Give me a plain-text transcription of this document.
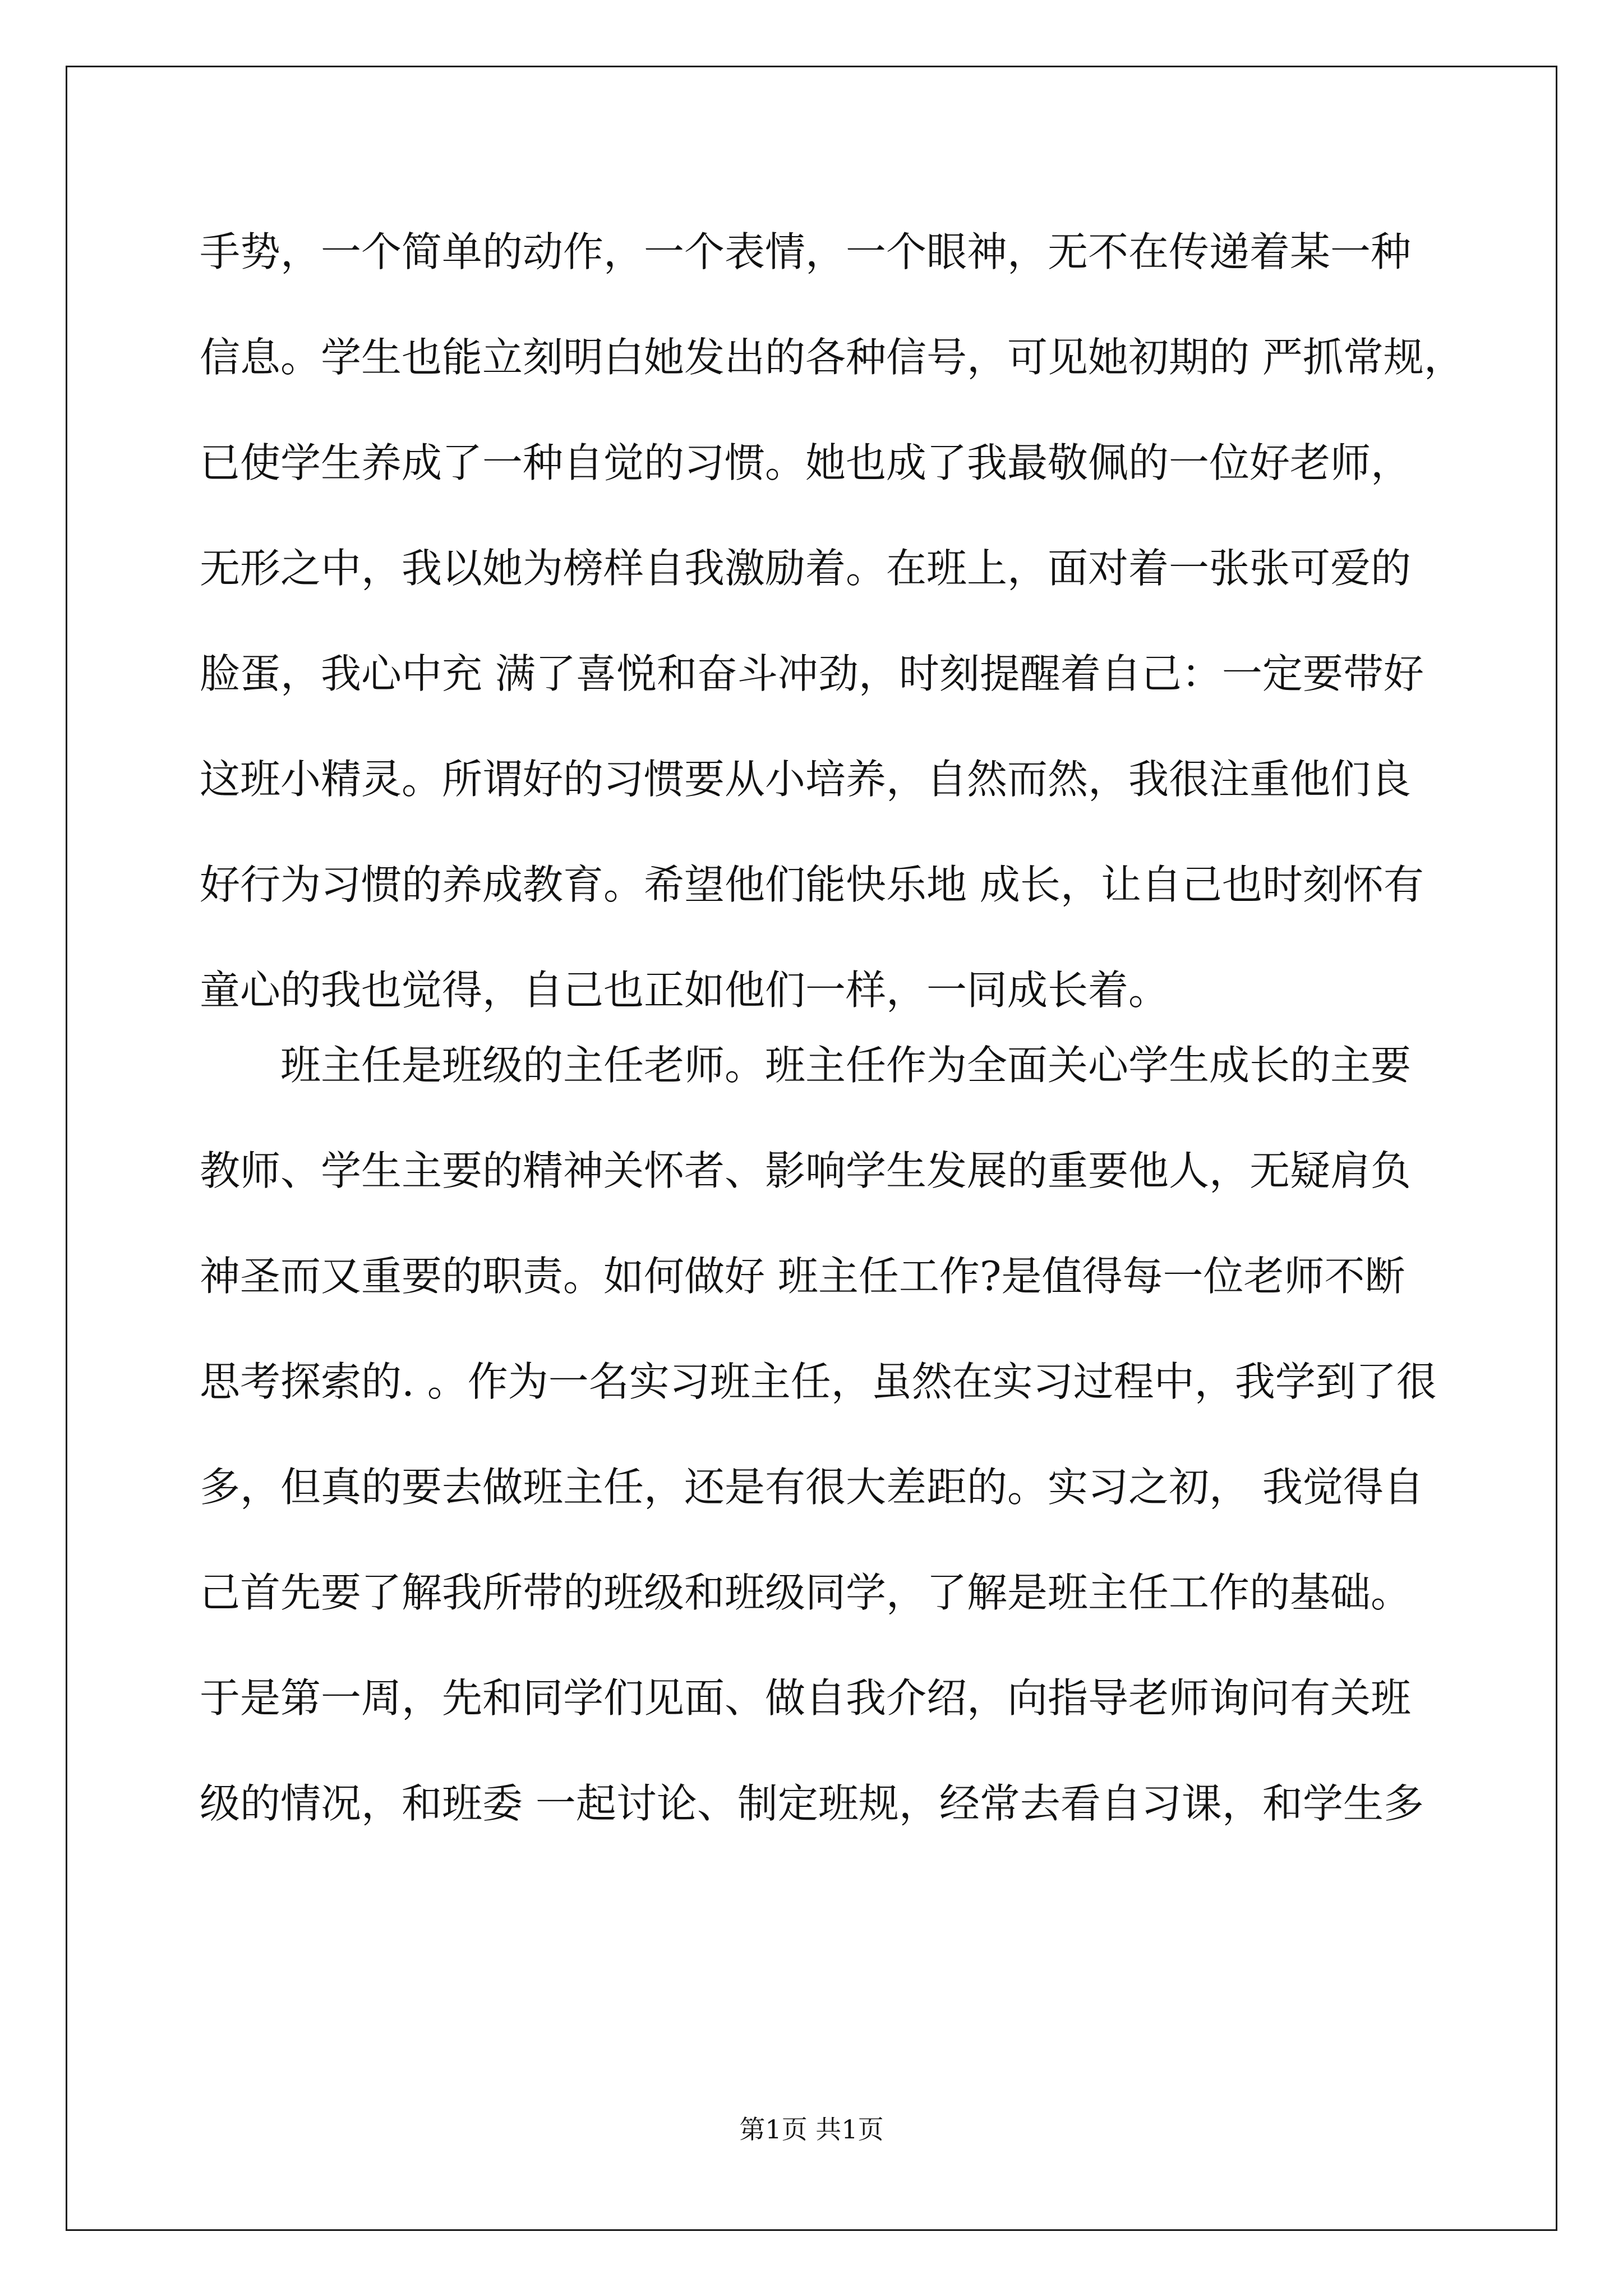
手势，一个简单的动作，一个表情，一个眼神，无不在传递着某一种
信息。学生也能立刻明白她发出的各种信号，可见她初期的 严抓常规，
已使学生养成了一种自觉的习惯。她也成了我最敬佩的一位好老师，
无形之中，我以她为榜样自我激励着。在班上，面对着一张张可爱的
脸蛋，我心中充 满了喜悦和奋斗冲劲，时刻提醒着自己：一定要带好
这班小精灵。所谓好的习惯要从小培养，自然而然，我很注重他们良
好行为习惯的养成教育。希望他们能快乐地 成长，让自己也时刻怀有
童心的我也觉得，自己也正如他们一样，一同成长着。
班主任是班级的主任老师。班主任作为全面关心学生成长的主要
教师、学生主要的精神关怀者、影响学生发展的重要他人，无疑肩负
神圣而又重要的职责。如何做好 班主任工作?是值得每一位老师不断
思考探索的. 。作为一名实习班主任，虽然在实习过程中，我学到了很
多，但真的要去做班主任，还是有很大差距的。实习之初， 我觉得自
己首先要了解我所带的班级和班级同学，了解是班主任工作的基础。
于是第一周，先和同学们见面、做自我介绍，向指导老师询问有关班
级的情况，和班委 一起讨论、制定班规，经常去看自习课，和学生多
第1页 共1页
